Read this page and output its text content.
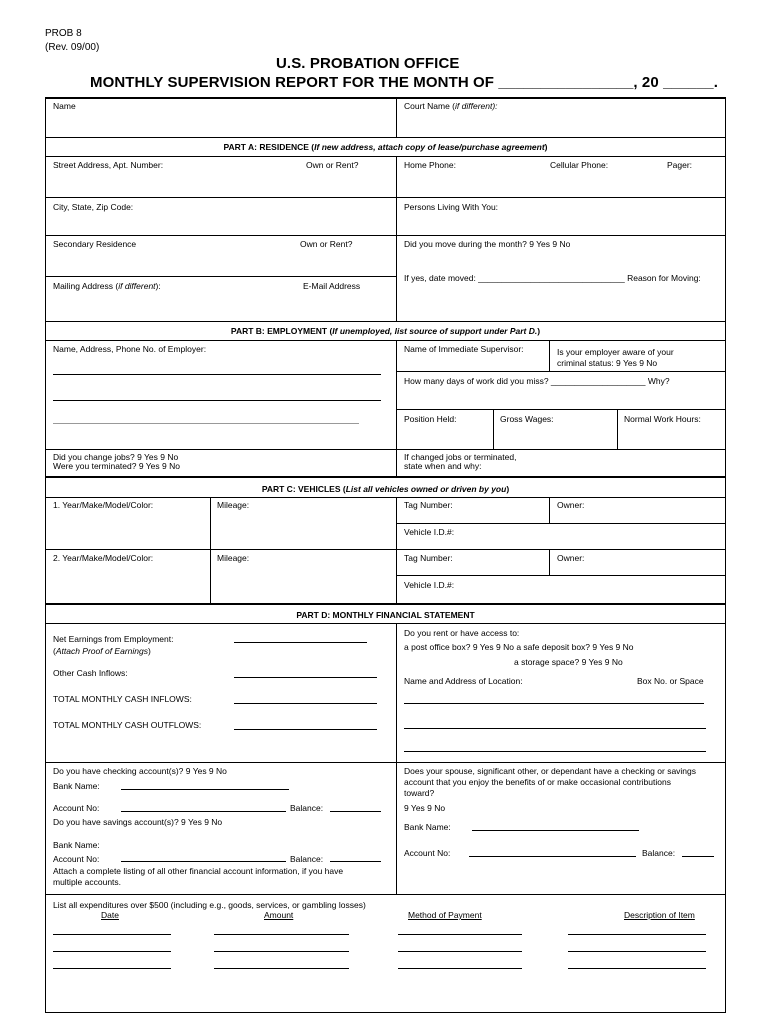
PROB 8
(Rev. 09/00)
U.S. PROBATION OFFICE
MONTHLY SUPERVISION REPORT FOR THE MONTH OF ________________, 20 ______.
Name	Court Name (if different):
PART A: RESIDENCE (If new address, attach copy of lease/purchase agreement)
Street Address, Apt. Number:	Own or Rent?	Home Phone:	Cellular Phone:	Pager:
City, State, Zip Code:	Persons Living With You:
Secondary Residence	Own or Rent?	Did you move during the month? 9 Yes 9 No
If yes, date moved: _______________________________ Reason for Moving:
Mailing Address (if different):	E-Mail Address
PART B: EMPLOYMENT (If unemployed, list source of support under Part D.)
Name, Address, Phone No. of Employer:	Name of Immediate Supervisor:	Is your employer aware of your
criminal status: 9 Yes 9 No
How many days of work did you miss? ____________________ Why?
Position Held:	Gross Wages:	Normal Work Hours:
Did you change jobs? 9 Yes 9 No
Were you terminated? 9 Yes 9 No
If changed jobs or terminated,
state when and why:
PART C: VEHICLES (List all vehicles owned or driven by you)
1. Year/Make/Model/Color:	Mileage:	Tag Number:	Owner:
Vehicle I.D.#:
2. Year/Make/Model/Color:	Mileage:	Tag Number:	Owner:
Vehicle I.D.#:
PART D: MONTHLY FINANCIAL STATEMENT
Net Earnings from Employment:
(Attach Proof of Earnings)
Other Cash Inflows:
TOTAL MONTHLY CASH INFLOWS:
TOTAL MONTHLY CASH OUTFLOWS:
Do you rent or have access to:
a post office box? 9 Yes 9 No a safe deposit box? 9 Yes 9 No
a storage space? 9 Yes 9 No
Name and Address of Location:	Box No. or Space
Do you have checking account(s)? 9 Yes 9 No
Bank Name:
Account No:	Balance:
Do you have savings account(s)? 9 Yes 9 No
Bank Name:
Account No:	Balance:
Attach a complete listing of all other financial account information, if you have
multiple accounts.
Does your spouse, significant other, or dependant have a checking or savings
account that you enjoy the benefits of or make occasional contributions
toward?
9 Yes 9 No
Bank Name:
Account No:	Balance:
List all expenditures over $500 (including e.g., goods, services, or gambling losses)
Date	Amount	Method of Payment	Description of Item
